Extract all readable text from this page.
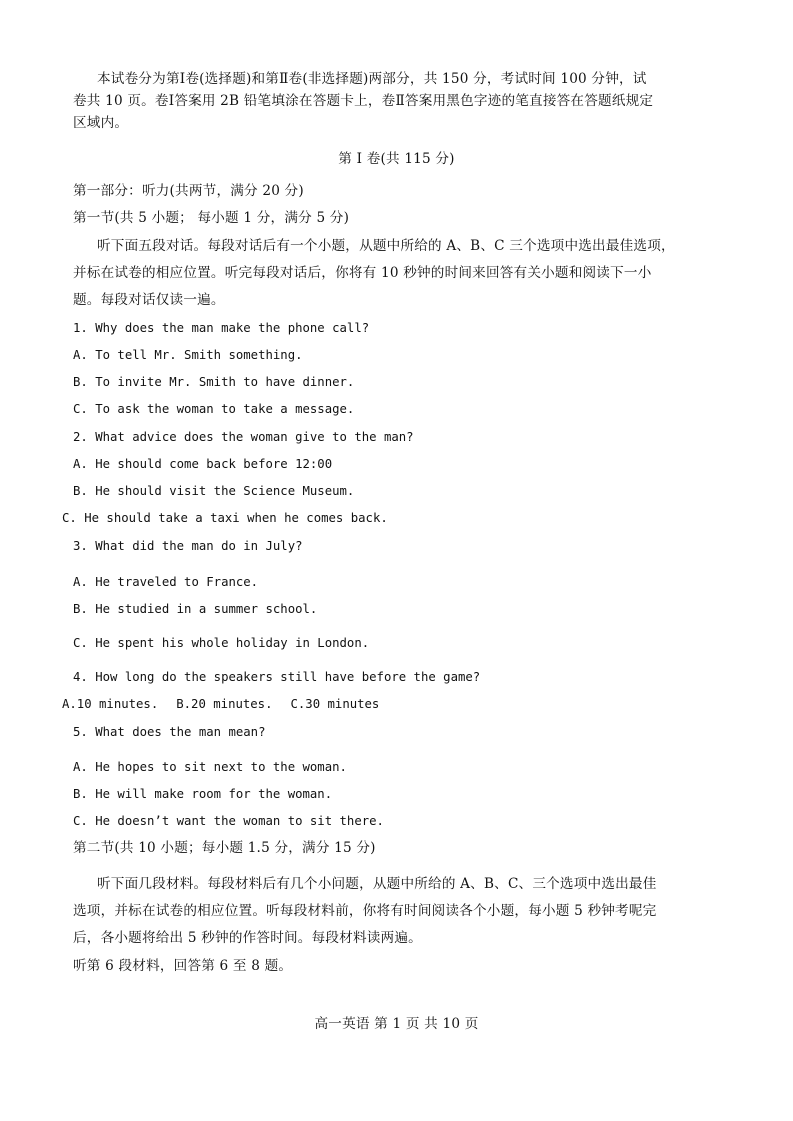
本试卷分为第Ⅰ卷(选择题)和第Ⅱ卷(非选择题)两部分，共 150 分，考试时间 100 分钟，试
卷共 10 页。卷Ⅰ答案用 2B 铅笔填涂在答题卡上，卷Ⅱ答案用黑色字迹的笔直接答在答题纸规定
区域内。
第 Ⅰ 卷(共 115 分)
第一部分：听力(共两节，满分 20 分)
第一节(共 5 小题； 每小题 1 分，满分 5 分)
听下面五段对话。每段对话后有一个小题，从题中所给的 A、B、C 三个选项中选出最佳选项，
并标在试卷的相应位置。听完每段对话后，你将有 10 秒钟的时间来回答有关小题和阅读下一小
题。每段对话仅读一遍。
1. Why does the man make the phone call?
A. To tell Mr. Smith something.
B. To invite Mr. Smith to have dinner.
C. To ask the woman to take a message.
2. What advice does the woman give to the man?
A. He should come back before 12:00
B. He should visit the Science Museum.
C. He should take a taxi when he comes back.
3. What did the man do in July?
A. He traveled to France.
B. He studied in a summer school.
C. He spent his whole holiday in London.
4. How long do the speakers still have before the game?
A.10 minutes. B.20 minutes. C.30 minutes
5. What does the man mean?
A. He hopes to sit next to the woman.
B. He will make room for the woman.
C. He doesn’t want the woman to sit there.
第二节(共 10 小题；每小题 1.5 分，满分 15 分)
听下面几段材料。每段材料后有几个小问题，从题中所给的 A、B、C、三个选项中选出最佳
选项，并标在试卷的相应位置。听每段材料前，你将有时间阅读各个小题，每小题 5 秒钟考呢完
后，各小题将给出 5 秒钟的作答时间。每段材料读两遍。
听第 6 段材料，回答第 6 至 8 题。
高一英语 第 1 页 共 10 页
